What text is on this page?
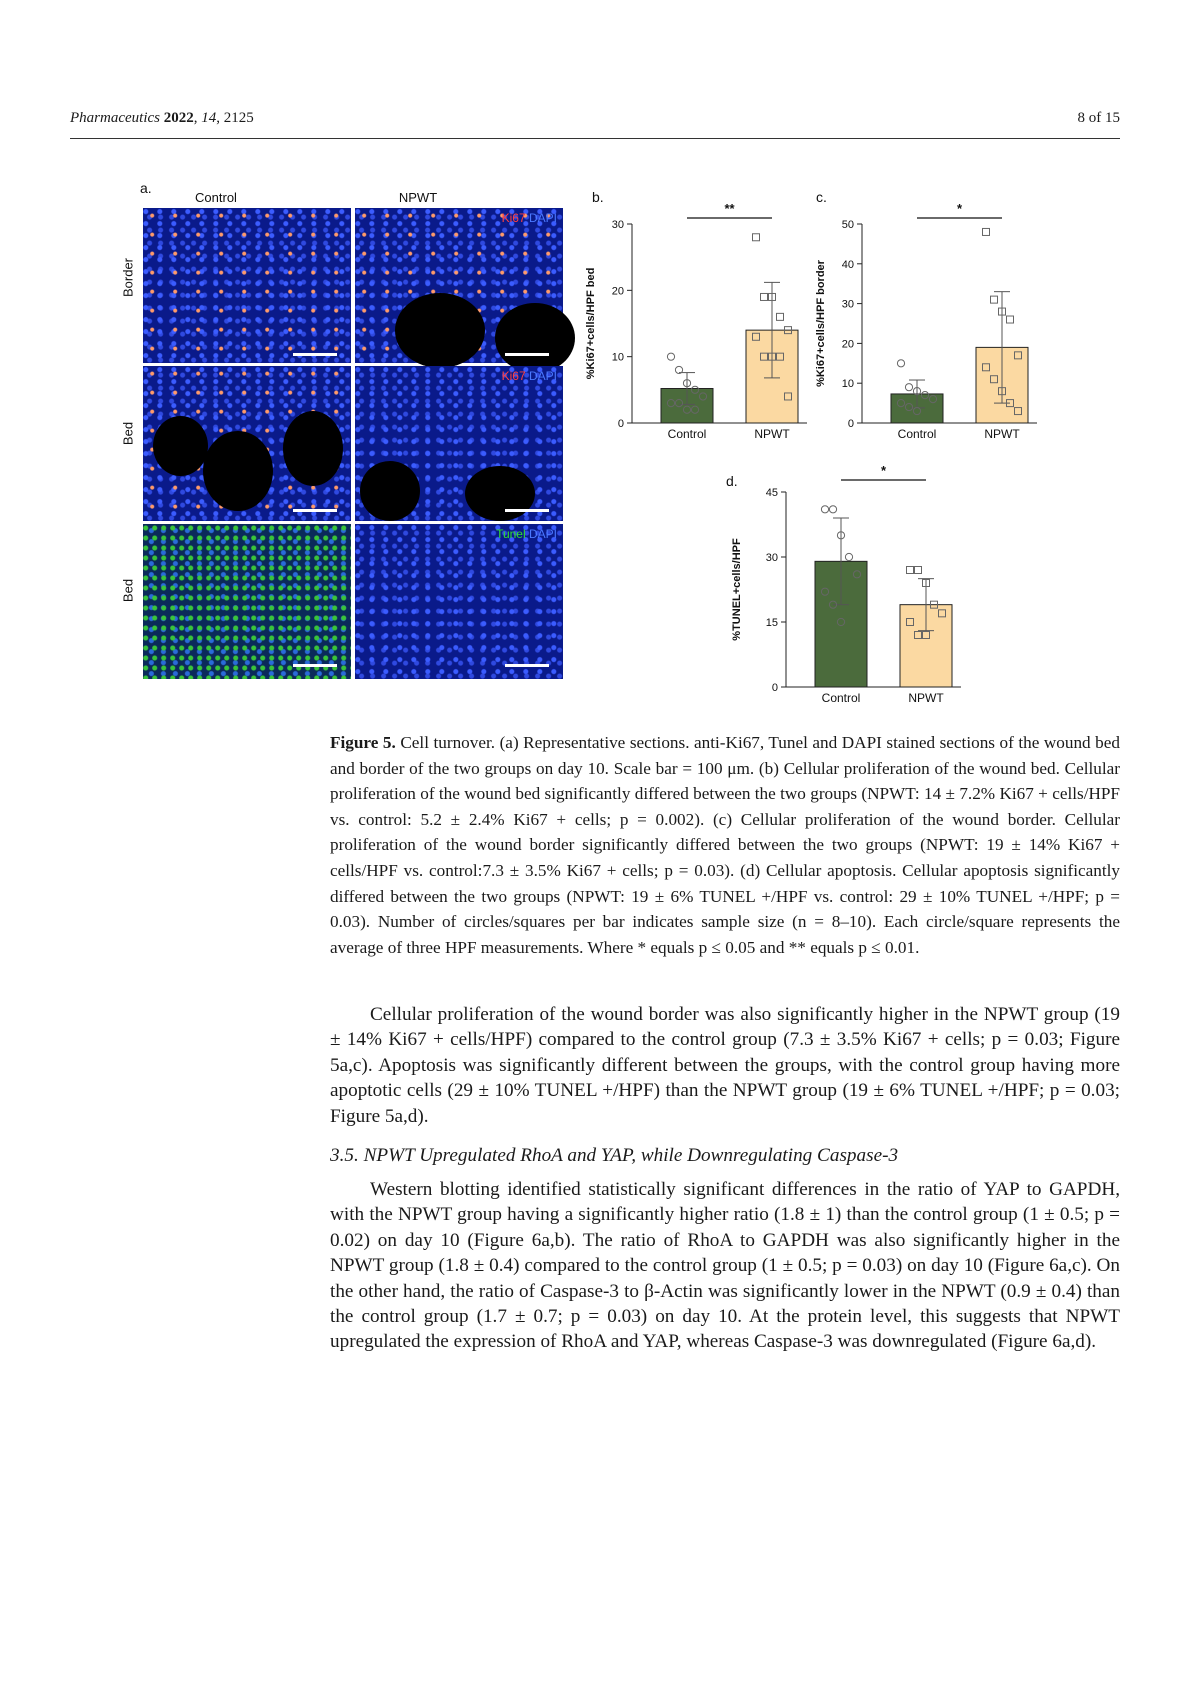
Pharmaceutics 2022, 14, 2125	8 of 15
a.
Control	NPWT
Border
Bed
Bed
Ki67 DAPI
Ki67 DAPI
Tunel DAPI
b.
%Ki67+cells/HPF bed
0
10
20
30
Control	NPWT
**
c.
%Ki67+cells/HPF border
0
10
20
30
40
50
Control	NPWT
*
d.
%TUNEL+cells/HPF
0
15
30
45
Control	NPWT
*
Figure 5. Cell turnover. (a) Representative sections. anti-Ki67, Tunel and DAPI stained sections of the wound bed and border of the two groups on day 10. Scale bar = 100 μm. (b) Cellular proliferation of the wound bed. Cellular proliferation of the wound bed significantly differed between the two groups (NPWT: 14 ± 7.2% Ki67 + cells/HPF vs. control: 5.2 ± 2.4% Ki67 + cells; p = 0.002). (c) Cellular proliferation of the wound border. Cellular proliferation of the wound border significantly differed between the two groups (NPWT: 19 ± 14% Ki67 + cells/HPF vs. control:7.3 ± 3.5% Ki67 + cells; p = 0.03). (d) Cellular apoptosis. Cellular apoptosis significantly differed between the two groups (NPWT: 19 ± 6% TUNEL +/HPF vs. control: 29 ± 10% TUNEL +/HPF; p = 0.03). Number of circles/squares per bar indicates sample size (n = 8–10). Each circle/square represents the average of three HPF measurements. Where * equals p ≤ 0.05 and ** equals p ≤ 0.01.

Cellular proliferation of the wound border was also significantly higher in the NPWT group (19 ± 14% Ki67 + cells/HPF) compared to the control group (7.3 ± 3.5% Ki67 + cells; p = 0.03; Figure 5a,c). Apoptosis was significantly different between the groups, with the control group having more apoptotic cells (29 ± 10% TUNEL +/HPF) than the NPWT group (19 ± 6% TUNEL +/HPF; p = 0.03; Figure 5a,d).

3.5. NPWT Upregulated RhoA and YAP, while Downregulating Caspase-3

Western blotting identified statistically significant differences in the ratio of YAP to GAPDH, with the NPWT group having a significantly higher ratio (1.8 ± 1) than the control group (1 ± 0.5; p = 0.02) on day 10 (Figure 6a,b). The ratio of RhoA to GAPDH was also significantly higher in the NPWT group (1.8 ± 0.4) compared to the control group (1 ± 0.5; p = 0.03) on day 10 (Figure 6a,c). On the other hand, the ratio of Caspase-3 to β-Actin was significantly lower in the NPWT (0.9 ± 0.4) than the control group (1.7 ± 0.7; p = 0.03) on day 10. At the protein level, this suggests that NPWT upregulated the expression of RhoA and YAP, whereas Caspase-3 was downregulated (Figure 6a,d).
